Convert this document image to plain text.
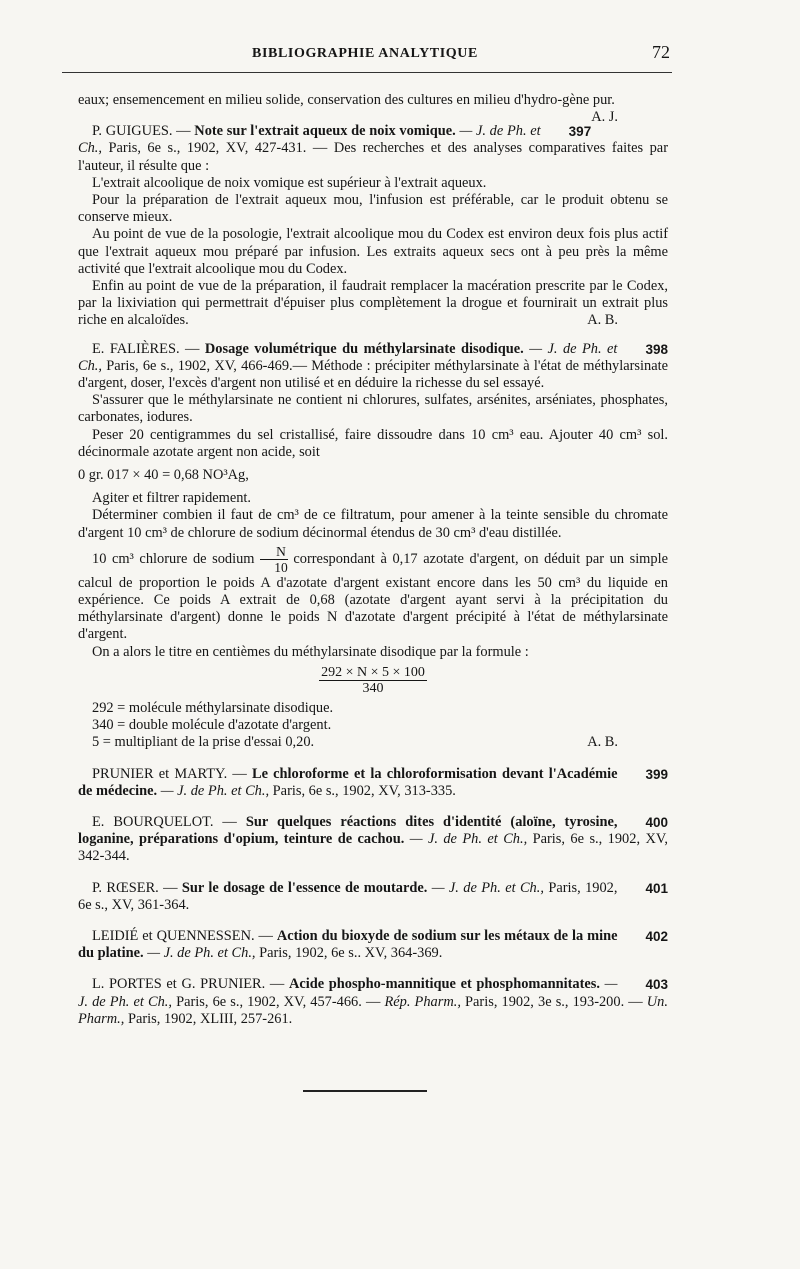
BIBLIOGRAPHIE ANALYTIQUE	72

eaux; ensemencement en milieu solide, conservation des cultures en milieu d'hydro-gène pur.
A. J.

397
P. GUIGUES. — Note sur l'extrait aqueux de noix vomique. — J. de Ph. et Ch., Paris, 6e s., 1902, XV, 427-431. — Des recherches et des analyses comparatives faites par l'auteur, il résulte que :

L'extrait alcoolique de noix vomique est supérieur à l'extrait aqueux.

Pour la préparation de l'extrait aqueux mou, l'infusion est préférable, car le produit obtenu se conserve mieux.

Au point de vue de la posologie, l'extrait alcoolique mou du Codex est environ deux fois plus actif que l'extrait aqueux mou préparé par infusion. Les extraits aqueux secs ont à peu près la même activité que l'extrait alcoolique mou du Codex.

Enfin au point de vue de la préparation, il faudrait remplacer la macération prescrite par le Codex, par la lixiviation qui permettrait d'épuiser plus complètement la drogue et fournirait un extrait plus riche en alcaloïdes.	A. B.

398
E. FALIÈRES. — Dosage volumétrique du méthylarsinate disodique. — J. de Ph. et Ch., Paris, 6e s., 1902, XV, 466-469.— Méthode : précipiter méthylarsinate à l'état de méthylarsinate d'argent, doser, l'excès d'argent non utilisé et en déduire la richesse du sel essayé.

S'assurer que le méthylarsinate ne contient ni chlorures, sulfates, arsénites, arséniates, phosphates, carbonates, iodures.

Peser 20 centigrammes du sel cristallisé, faire dissoudre dans 10 cm³ eau. Ajouter 40 cm³ sol. décinormale azotate argent non acide, soit

0 gr. 017 × 40 = 0,68 NO³Ag,

Agiter et filtrer rapidement.

Déterminer combien il faut de cm³ de ce filtratum, pour amener à la teinte sensible du chromate d'argent 10 cm³ de chlorure de sodium décinormal étendus de 30 cm³ d'eau distillée.

10 cm³ chlorure de sodium $\frac{N}{10}$ correspondant à 0,17 azotate d'argent, on déduit par un simple calcul de proportion le poids A d'azotate d'argent existant encore dans les 50 cm³ du liquide en expérience. Ce poids A extrait de 0,68 (azotate d'argent ayant servi à la précipitation du méthylarsinate d'argent) donne le poids N d'azotate d'argent précipité à l'état de méthylarsinate d'argent.

On a alors le titre en centièmes du méthylarsinate disodique par la formule :

$\frac{292 \times N \times 5 \times 100}{340}$

292 = molécule méthylarsinate disodique.

340 = double molécule d'azotate d'argent.

5 = multipliant de la prise d'essai 0,20.	A. B.

399
PRUNIER et MARTY. — Le chloroforme et la chloroformisation devant l'Académie de médecine. — J. de Ph. et Ch., Paris, 6e s., 1902, XV, 313-335.

400
E. BOURQUELOT. — Sur quelques réactions dites d'identité (aloïne, tyrosine, loganine, préparations d'opium, teinture de cachou. — J. de Ph. et Ch., Paris, 6e s., 1902, XV, 342-344.

401
P. RŒSER. — Sur le dosage de l'essence de moutarde. — J. de Ph. et Ch., Paris, 1902, 6e s., XV, 361-364.

402
LEIDIÉ et QUENNESSEN. — Action du bioxyde de sodium sur les métaux de la mine du platine. — J. de Ph. et Ch., Paris, 1902, 6e s.. XV, 364-369.

403
L. PORTES et G. PRUNIER. — Acide phospho-mannitique et phosphomannitates. — J. de Ph. et Ch., Paris, 6e s., 1902, XV, 457-466. — Rép. Pharm., Paris, 1902, 3e s., 193-200. — Un. Pharm., Paris, 1902, XLIII, 257-261.
